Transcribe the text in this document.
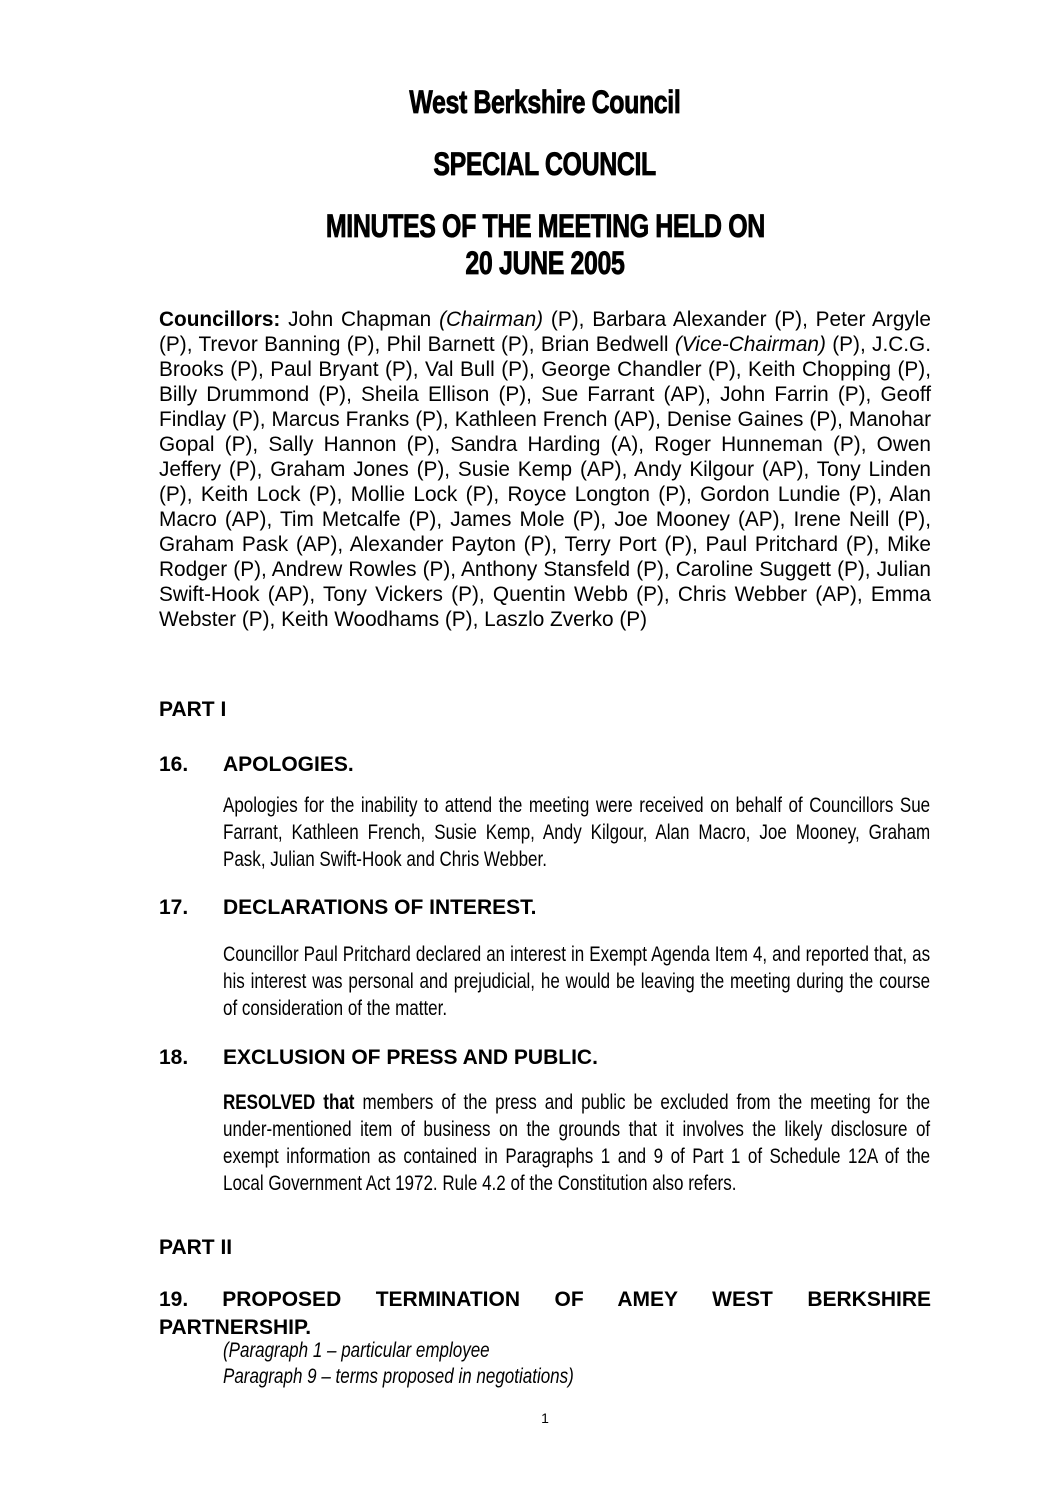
West Berkshire Council
SPECIAL COUNCIL
MINUTES OF THE MEETING HELD ON
20 JUNE 2005

Councillors: John Chapman (Chairman) (P), Barbara Alexander (P), Peter Argyle (P), Trevor Banning (P), Phil Barnett (P), Brian Bedwell (Vice-Chairman) (P), J.C.G. Brooks (P), Paul Bryant (P), Val Bull (P), George Chandler (P), Keith Chopping (P), Billy Drummond (P), Sheila Ellison (P), Sue Farrant (AP), John Farrin (P), Geoff Findlay (P), Marcus Franks (P), Kathleen French (AP), Denise Gaines (P), Manohar Gopal (P), Sally Hannon (P), Sandra Harding (A), Roger Hunneman (P), Owen Jeffery (P), Graham Jones (P), Susie Kemp (AP), Andy Kilgour (AP), Tony Linden (P), Keith Lock (P), Mollie Lock (P), Royce Longton (P), Gordon Lundie (P), Alan Macro (AP), Tim Metcalfe (P), James Mole (P), Joe Mooney (AP), Irene Neill (P), Graham Pask (AP), Alexander Payton (P), Terry Port (P), Paul Pritchard (P), Mike Rodger (P), Andrew Rowles (P), Anthony Stansfeld (P), Caroline Suggett (P), Julian Swift-Hook (AP), Tony Vickers (P), Quentin Webb (P), Chris Webber (AP), Emma Webster (P), Keith Woodhams (P), Laszlo Zverko (P)

PART I
16. APOLOGIES.
Apologies for the inability to attend the meeting were received on behalf of Councillors Sue Farrant, Kathleen French, Susie Kemp, Andy Kilgour, Alan Macro, Joe Mooney, Graham Pask, Julian Swift-Hook and Chris Webber.
17. DECLARATIONS OF INTEREST.
Councillor Paul Pritchard declared an interest in Exempt Agenda Item 4, and reported that, as his interest was personal and prejudicial, he would be leaving the meeting during the course of consideration of the matter.
18. EXCLUSION OF PRESS AND PUBLIC.
RESOLVED that members of the press and public be excluded from the meeting for the under-mentioned item of business on the grounds that it involves the likely disclosure of exempt information as contained in Paragraphs 1 and 9 of Part 1 of Schedule 12A of the Local Government Act 1972. Rule 4.2 of the Constitution also refers.
PART II
19. PROPOSED TERMINATION OF AMEY WEST BERKSHIRE PARTNERSHIP.
(Paragraph 1 – particular employee
Paragraph 9 – terms proposed in negotiations)
1
